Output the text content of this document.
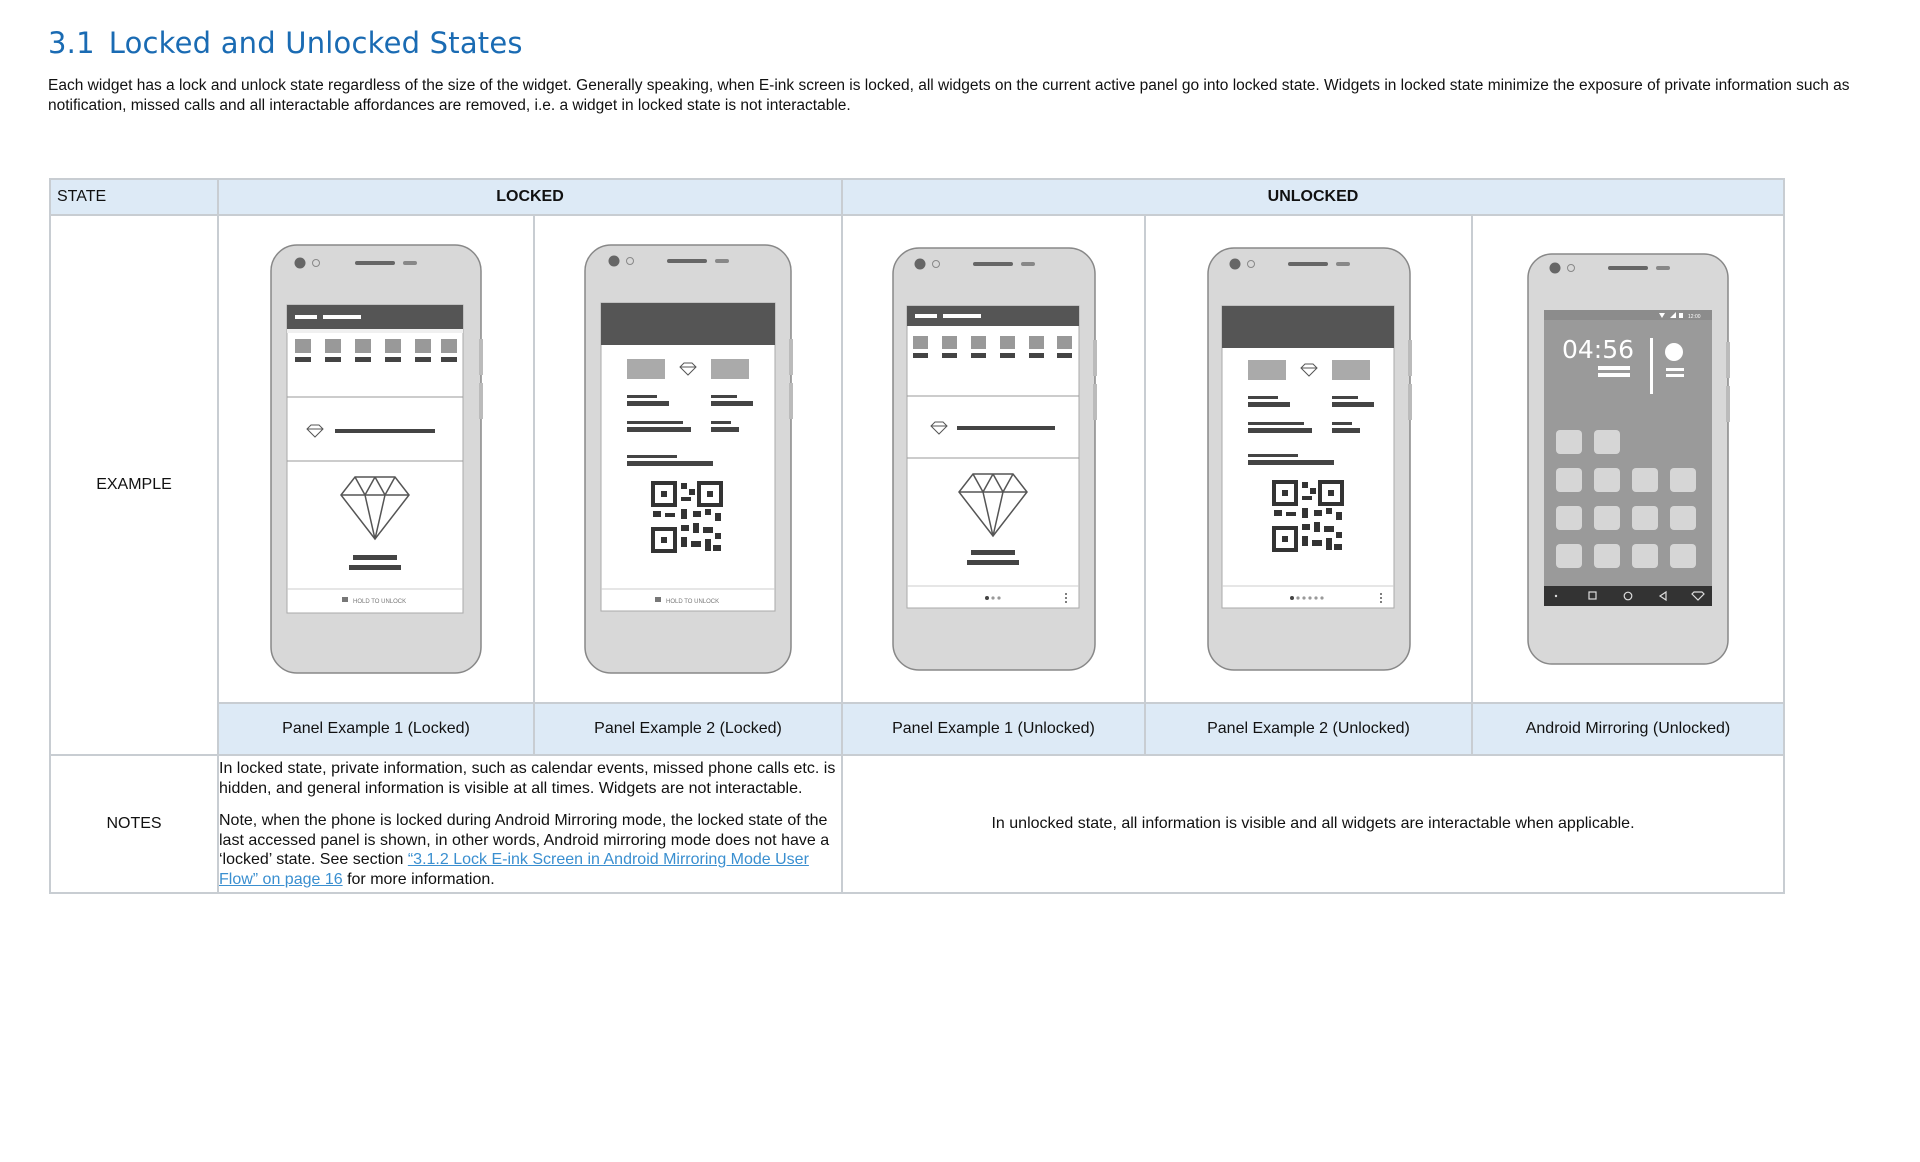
3.1 Locked and Unlocked States
Each widget has a lock and unlock state regardless of the size of the widget. Generally speaking, when E-ink screen is locked, all widgets on the current active panel go into locked state. Widgets in locked state minimize the exposure of private information such as notification, missed calls and all interactable affordances are removed, i.e. a widget in locked state is not interactable.
STATE	LOCKED		UNLOCKED		
EXAMPLE	HOLD TO UNLOCK	HOLD TO UNLOCK			12:00
04:56

	Panel Example 1 (Locked)	Panel Example 2 (Locked)	Panel Example 1 (Unlocked)	Panel Example 2 (Unlocked)	Android Mirroring (Unlocked)
NOTES	In locked state, private information, such as calendar events, missed phone calls etc. is hidden, and general information is visible at all times. Widgets are not interactable.

Note, when the phone is locked during Android Mirroring mode, the locked state of the last accessed panel is shown, in other words, Android mirroring mode does not have a ‘locked’ state. See section “3.1.2 Lock E-ink Screen in Android Mirroring Mode User Flow” on page 16 for more information.		In unlocked state, all information is visible and all widgets are interactable when applicable.		
